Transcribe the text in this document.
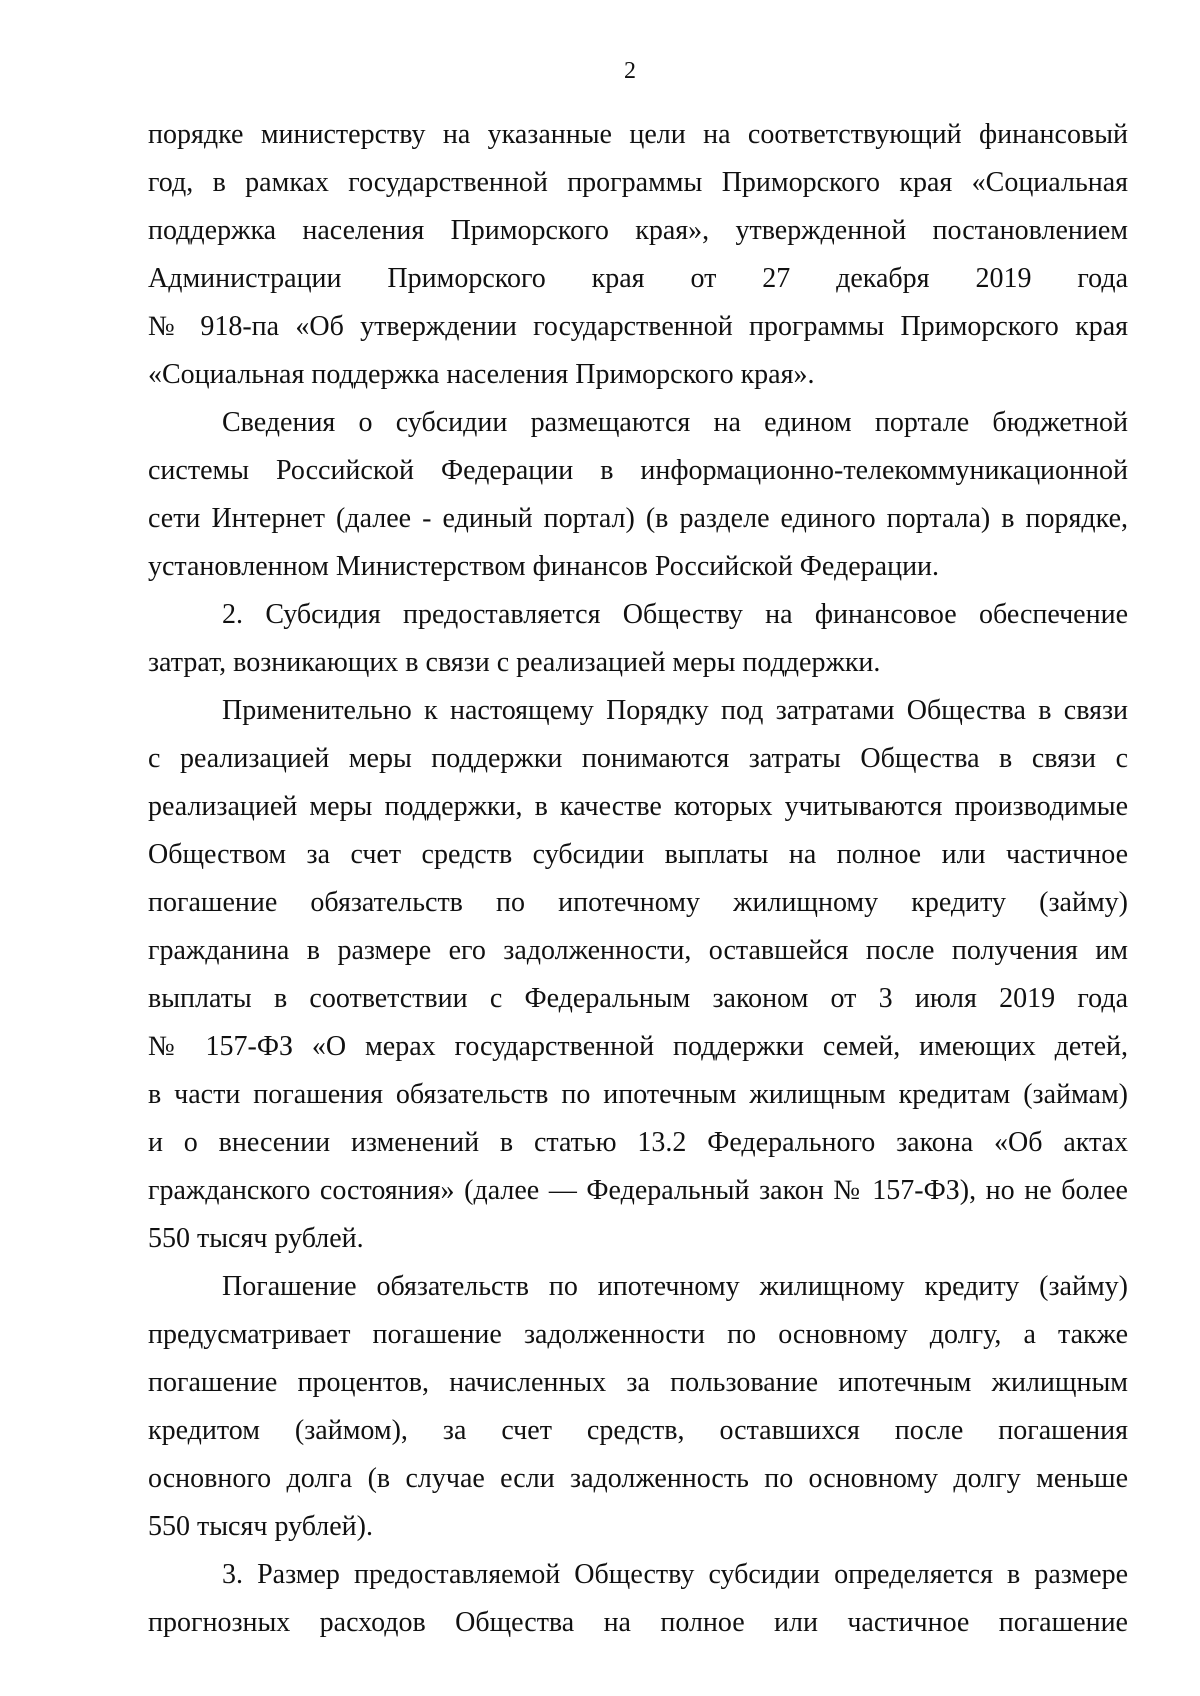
2
порядке министерству на указанные цели на соответствующий финансовый
год, в рамках государственной программы Приморского края «Социальная
поддержка населения Приморского края», утвержденной постановлением
Администрации Приморского края от 27 декабря 2019 года
№ 918-па «Об утверждении государственной программы Приморского края
«Социальная поддержка населения Приморского края».
Сведения о субсидии размещаются на едином портале бюджетной
системы Российской Федерации в информационно-телекоммуникационной
сети Интернет (далее - единый портал) (в разделе единого портала) в порядке,
установленном Министерством финансов Российской Федерации.
2. Субсидия предоставляется Обществу на финансовое обеспечение
затрат, возникающих в связи с реализацией меры поддержки.
Применительно к настоящему Порядку под затратами Общества в связи
с реализацией меры поддержки понимаются затраты Общества в связи с
реализацией меры поддержки, в качестве которых учитываются производимые
Обществом за счет средств субсидии выплаты на полное или частичное
погашение обязательств по ипотечному жилищному кредиту (займу)
гражданина в размере его задолженности, оставшейся после получения им
выплаты в соответствии с Федеральным законом от 3 июля 2019 года
№ 157-ФЗ «О мерах государственной поддержки семей, имеющих детей,
в части погашения обязательств по ипотечным жилищным кредитам (займам)
и о внесении изменений в статью 13.2 Федерального закона «Об актах
гражданского состояния» (далее — Федеральный закон № 157-ФЗ), но не более
550 тысяч рублей.
Погашение обязательств по ипотечному жилищному кредиту (займу)
предусматривает погашение задолженности по основному долгу, а также
погашение процентов, начисленных за пользование ипотечным жилищным
кредитом (займом), за счет средств, оставшихся после погашения
основного долга (в случае если задолженность по основному долгу меньше
550 тысяч рублей).
3. Размер предоставляемой Обществу субсидии определяется в размере
прогнозных расходов Общества на полное или частичное погашение
